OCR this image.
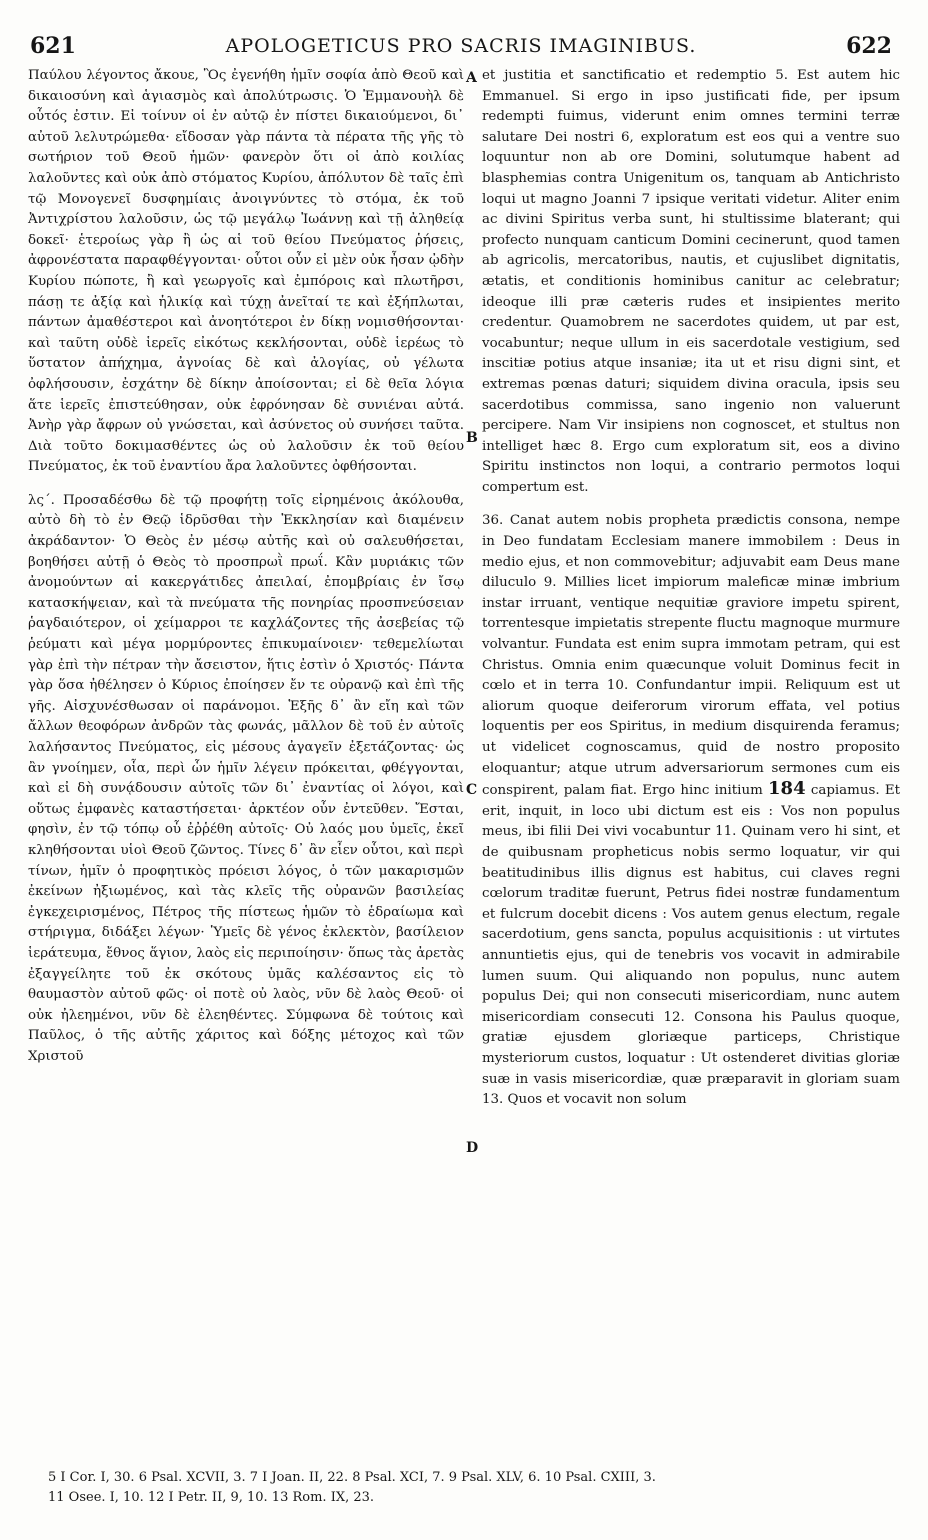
621	APOLOGETICUS PRO SACRIS IMAGINIBUS.	622

Παύλου λέγοντος ἄκουε, Ὃς ἐγενήθη ἡμῖν σοφία ἀπὸ Θεοῦ καὶ δικαιοσύνη καὶ ἁγιασμὸς καὶ ἀπολύτρωσις. Ὁ Ἐμμανουὴλ δὲ οὗτός ἐστιν. Εἰ τοίνυν οἱ ἐν αὐτῷ ἐν πίστει δικαιούμενοι, δι᾽ αὐτοῦ λελυτρώμεθα· εἴδοσαν γὰρ πάντα τὰ πέρατα τῆς γῆς τὸ σωτήριον τοῦ Θεοῦ ἡμῶν· φανερὸν ὅτι οἱ ἀπὸ κοιλίας λαλοῦντες καὶ οὐκ ἀπὸ στόματος Κυρίου, ἀπόλυτον δὲ ταῖς ἐπὶ τῷ Μονογενεῖ δυσφημίαις ἀνοιγνύντες τὸ στόμα, ἐκ τοῦ Ἀντιχρίστου λαλοῦσιν, ὡς τῷ μεγάλῳ Ἰωάννῃ καὶ τῇ ἀληθείᾳ δοκεῖ· ἑτεροίως γὰρ ἢ ὡς αἱ τοῦ θείου Πνεύματος ῥήσεις, ἀφρονέστατα παραφθέγγονται· οὗτοι οὖν εἰ μὲν οὐκ ἦσαν ᾠδὴν Κυρίου πώποτε, ἢ καὶ γεωργοῖς καὶ ἐμπόροις καὶ πλωτῆρσι, πάσῃ τε ἀξίᾳ καὶ ἡλικίᾳ καὶ τύχῃ ἀνεῖταί τε καὶ ἐξήπλωται, πάντων ἀμαθέστεροι καὶ ἀνοητότεροι ἐν δίκῃ νομισθήσονται· καὶ ταῦτη οὐδὲ ἱερεῖς εἰκότως κεκλήσονται, οὐδὲ ἱερέως τὸ ὕστατον ἀπήχημα, ἀγνοίας δὲ καὶ ἀλογίας, οὐ γέλωτα ὀφλήσουσιν, ἐσχάτην δὲ δίκην ἀποίσονται; εἰ δὲ θεῖα λόγια ἅτε ἱερεῖς ἐπιστεύθησαν, οὐκ ἐφρόνησαν δὲ συνιέναι αὐτά. Ἀνὴρ γὰρ ἄφρων οὐ γνώσεται, καὶ ἀσύνετος οὐ συνήσει ταῦτα. Διὰ τοῦτο δοκιμασθέντες ὡς οὐ λαλοῦσιν ἐκ τοῦ θείου Πνεύματος, ἐκ τοῦ ἐναντίου ἄρα λαλοῦντες ὀφθήσονται.

λς΄. Προσαδέσθω δὲ τῷ προφήτῃ τοῖς εἰρημένοις ἀκόλουθα, αὐτὸ δὴ τὸ ἐν Θεῷ ἱδρῦσθαι τὴν Ἐκκλησίαν καὶ διαμένειν ἀκράδαντον· Ὁ Θεὸς ἐν μέσῳ αὐτῆς καὶ οὐ σαλευθήσεται, βοηθήσει αὐτῇ ὁ Θεὸς τὸ προσπρωῒ πρωΐ. Κἂν μυριάκις τῶν ἀνομούντων αἱ κακεργάτιδες ἀπειλαί, ἐπομβρίαις ἐν ἴσῳ κατασκήψειαν, καὶ τὰ πνεύματα τῆς πονηρίας προσπνεύσειαν ῥαγδαιότερον, οἱ χείμαρροι τε καχλάζοντες τῆς ἀσεβείας τῷ ῥεύματι καὶ μέγα μορμύροντες ἐπικυμαίνοιεν· τεθεμελίωται γὰρ ἐπὶ τὴν πέτραν τὴν ἄσειστον, ἥτις ἐστὶν ὁ Χριστός· Πάντα γὰρ ὅσα ἠθέλησεν ὁ Κύριος ἐποίησεν ἔν τε οὐρανῷ καὶ ἐπὶ τῆς γῆς. Αἰσχυνέσθωσαν οἱ παράνομοι. Ἑξῆς δ᾽ ἂν εἴη καὶ τῶν ἄλλων θεοφόρων ἀνδρῶν τὰς φωνάς, μᾶλλον δὲ τοῦ ἐν αὐτοῖς λαλήσαντος Πνεύματος, εἰς μέσους ἀγαγεῖν ἐξετάζοντας· ὡς ἂν γνοίημεν, οἷα, περὶ ὧν ἡμῖν λέγειν πρόκειται, φθέγγονται, καὶ εἰ δὴ συνᾴδουσιν αὐτοῖς τῶν δι᾽ ἐναντίας οἱ λόγοι, καὶ οὕτως ἐμφανὲς καταστήσεται· ἀρκτέον οὖν ἐντεῦθεν. Ἔσται, φησὶν, ἐν τῷ τόπῳ οὗ ἐῤῥέθη αὐτοῖς· Οὐ λαός μου ὑμεῖς, ἐκεῖ κληθήσονται υἱοὶ Θεοῦ ζῶντος. Τίνες δ᾽ ἂν εἶεν οὗτοι, καὶ περὶ τίνων, ἡμῖν ὁ προφητικὸς πρόεισι λόγος, ὁ τῶν μακαρισμῶν ἐκείνων ἠξιωμένος, καὶ τὰς κλεῖς τῆς οὐρανῶν βασιλείας ἐγκεχειρισμένος, Πέτρος τῆς πίστεως ἡμῶν τὸ ἑδραίωμα καὶ στήριγμα, διδάξει λέγων· Ὑμεῖς δὲ γένος ἐκλεκτὸν, βασίλειον ἱεράτευμα, ἔθνος ἅγιον, λαὸς εἰς περιποίησιν· ὅπως τὰς ἀρετὰς ἐξαγγείλητε τοῦ ἐκ σκότους ὑμᾶς καλέσαντος εἰς τὸ θαυμαστὸν αὐτοῦ φῶς· οἱ ποτὲ οὐ λαὸς, νῦν δὲ λαὸς Θεοῦ· οἱ οὐκ ἠλεημένοι, νῦν δὲ ἐλεηθέντες. Σύμφωνα δὲ τούτοις καὶ Παῦλος, ὁ τῆς αὐτῆς χάριτος καὶ δόξης μέτοχος καὶ τῶν Χριστοῦ

A
B
C
D

et justitia et sanctificatio et redemptio 5. Est autem hic Emmanuel. Si ergo in ipso justificati fide, per ipsum redempti fuimus, viderunt enim omnes termini terræ salutare Dei nostri 6, exploratum est eos qui a ventre suo loquuntur non ab ore Domini, solutumque habent ad blasphemias contra Unigenitum os, tanquam ab Antichristo loqui ut magno Joanni 7 ipsique veritati videtur. Aliter enim ac divini Spiritus verba sunt, hi stultissime blaterant; qui profecto nunquam canticum Domini cecinerunt, quod tamen ab agricolis, mercatoribus, nautis, et cujuslibet dignitatis, ætatis, et conditionis hominibus canitur ac celebratur; ideoque illi præ cæteris rudes et insipientes merito credentur. Quamobrem ne sacerdotes quidem, ut par est, vocabuntur; neque ullum in eis sacerdotale vestigium, sed inscitiæ potius atque insaniæ; ita ut et risu digni sint, et extremas pœnas daturi; siquidem divina oracula, ipsis seu sacerdotibus commissa, sano ingenio non valuerunt percipere. Nam Vir insipiens non cognoscet, et stultus non intelliget hæc 8. Ergo cum exploratum sit, eos a divino Spiritu instinctos non loqui, a contrario permotos loqui compertum est.

36. Canat autem nobis propheta prædictis consona, nempe in Deo fundatam Ecclesiam manere immobilem : Deus in medio ejus, et non commovebitur; adjuvabit eam Deus mane diluculo 9. Millies licet impiorum maleficæ minæ imbrium instar irruant, ventique nequitiæ graviore impetu spirent, torrentesque impietatis strepente fluctu magnoque murmure volvantur. Fundata est enim supra immotam petram, qui est Christus. Omnia enim quæcunque voluit Dominus fecit in cœlo et in terra 10. Confundantur impii. Reliquum est ut aliorum quoque deiferorum virorum effata, vel potius loquentis per eos Spiritus, in medium disquirenda feramus; ut videlicet cognoscamus, quid de nostro proposito eloquantur; atque utrum adversariorum sermones cum eis conspirent, palam fiat. Ergo hinc initium 184 capiamus. Et erit, inquit, in loco ubi dictum est eis : Vos non populus meus, ibi filii Dei vivi vocabuntur 11. Quinam vero hi sint, et de quibusnam propheticus nobis sermo loquatur, vir qui beatitudinibus illis dignus est habitus, cui claves regni cœlorum traditæ fuerunt, Petrus fidei nostræ fundamentum et fulcrum docebit dicens : Vos autem genus electum, regale sacerdotium, gens sancta, populus acquisitionis : ut virtutes annuntietis ejus, qui de tenebris vos vocavit in admirabile lumen suum. Qui aliquando non populus, nunc autem populus Dei; qui non consecuti misericordiam, nunc autem misericordiam consecuti 12. Consona his Paulus quoque, gratiæ ejusdem gloriæque particeps, Christique mysteriorum custos, loquatur : Ut ostenderet divitias gloriæ suæ in vasis misericordiæ, quæ præparavit in gloriam suam 13. Quos et vocavit non solum

5 I Cor. I, 30. 6 Psal. XCVII, 3. 7 I Joan. II, 22. 8 Psal. XCI, 7. 9 Psal. XLV, 6. 10 Psal. CXIII, 3.
11 Osee. I, 10. 12 I Petr. II, 9, 10. 13 Rom. IX, 23.
